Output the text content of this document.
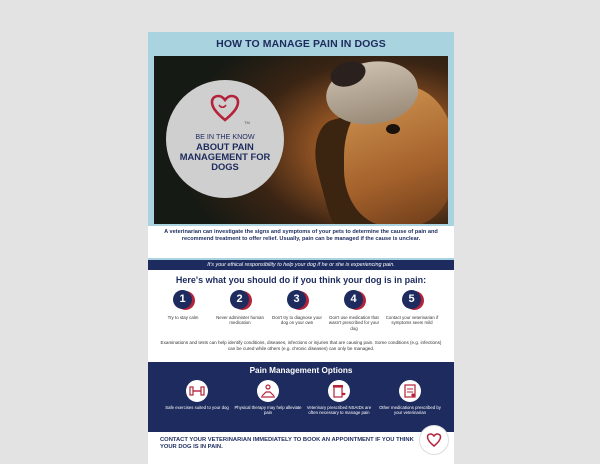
HOW TO MANAGE PAIN IN DOGS
TM
BE IN THE KNOW
ABOUT PAIN MANAGEMENT FOR DOGS
A veterinarian can investigate the signs and symptoms of your pets to determine the cause of pain and recommend treatment to offer relief. Usually, pain can be managed if the cause is unclear.
It's your ethical responsibility to help your dog if he or she is experiencing pain.
Here's what you should do if you think your dog is in pain:
1
Try to stay calm
2
Never administer human medication
3
Don't try to diagnose your dog on your own
4
Don't use medication that wasn't prescribed for your dog
5
Contact your veterinarian if symptoms seem mild
Examinations and tests can help identify conditions, diseases, infections or injuries that are causing pain. Some conditions (e.g. infections) can be cured while others (e.g. chronic diseases) can only be managed.
Pain Management Options
Safe exercises suited to your dog	Physical therapy may help alleviate pain
Veterinary prescribed NSAIDs are often necessary to manage pain
Other medications prescribed by your veterinarian
CONTACT YOUR VETERINARIAN IMMEDIATELY TO BOOK AN APPOINTMENT IF YOU THINK YOUR DOG IS IN PAIN.
